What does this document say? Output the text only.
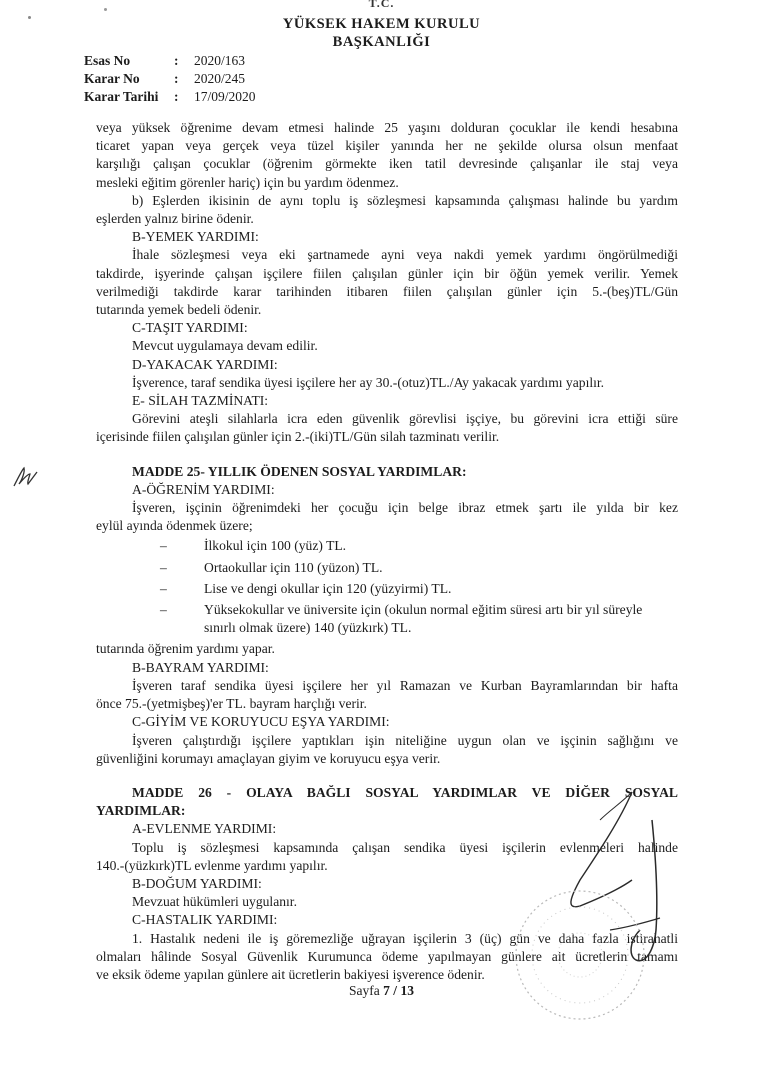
T.C.
YÜKSEK HAKEM KURULU
BAŞKANLIĞI
Esas No	:	2020/163
Karar No	:	2020/245
Karar Tarihi	:	17/09/2020

veya yüksek öğrenime devam etmesi halinde 25 yaşını dolduran çocuklar ile kendi hesabına

ticaret yapan veya gerçek veya tüzel kişiler yanında her ne şekilde olursa olsun menfaat

karşılığı çalışan çocuklar (öğrenim görmekte iken tatil devresinde çalışanlar ile staj veya

mesleki eğitim görenler hariç) için bu yardım ödenmez.

b) Eşlerden ikisinin de aynı toplu iş sözleşmesi kapsamında çalışması halinde bu yardım

eşlerden yalnız birine ödenir.

B-YEMEK YARDIMI:

İhale sözleşmesi veya eki şartnamede ayni veya nakdi yemek yardımı öngörülmediği

takdirde, işyerinde çalışan işçilere fiilen çalışılan günler için bir öğün yemek verilir. Yemek

verilmediği takdirde karar tarihinden itibaren fiilen çalışılan günler için 5.-(beş)TL/Gün

tutarında yemek bedeli ödenir.

C-TAŞIT YARDIMI:

Mevcut uygulamaya devam edilir.

D-YAKACAK YARDIMI:

İşverence, taraf sendika üyesi işçilere her ay 30.-(otuz)TL./Ay yakacak yardımı yapılır.

E- SİLAH TAZMİNATI:

Görevini ateşli silahlarla icra eden güvenlik görevlisi işçiye, bu görevini icra ettiği süre

içerisinde fiilen çalışılan günler için 2.-(iki)TL/Gün silah tazminatı verilir.

MADDE 25- YILLIK ÖDENEN SOSYAL YARDIMLAR:

A-ÖĞRENİM YARDIMI:

İşveren, işçinin öğrenimdeki her çocuğu için belge ibraz etmek şartı ile yılda bir kez

eylül ayında ödenmek üzere;

–	İlkokul için 100 (yüz) TL.
–	Ortaokullar için 110 (yüzon) TL.
–	Lise ve dengi okullar için 120 (yüzyirmi) TL.
–	Yüksekokullar ve üniversite için (okulun normal eğitim süresi artı bir yıl süreyle
sınırlı olmak üzere) 140 (yüzkırk) TL.

tutarında öğrenim yardımı yapar.

B-BAYRAM YARDIMI:

İşveren taraf sendika üyesi işçilere her yıl Ramazan ve Kurban Bayramlarından bir hafta

önce 75.-(yetmişbeş)'er TL. bayram harçlığı verir.

C-GİYİM VE KORUYUCU EŞYA YARDIMI:

İşveren çalıştırdığı işçilere yaptıkları işin niteliğine uygun olan ve işçinin sağlığını ve

güvenliğini korumayı amaçlayan giyim ve koruyucu eşya verir.

MADDE 26 - OLAYA BAĞLI SOSYAL YARDIMLAR VE DİĞER SOSYAL

YARDIMLAR:

A-EVLENME YARDIMI:

Toplu iş sözleşmesi kapsamında çalışan sendika üyesi işçilerin evlenmeleri halinde

140.-(yüzkırk)TL evlenme yardımı yapılır.

B-DOĞUM YARDIMI:

Mevzuat hükümleri uygulanır.

C-HASTALIK YARDIMI:

1. Hastalık nedeni ile iş göremezliğe uğrayan işçilerin 3 (üç) gün ve daha fazla istirahatli

olmaları hâlinde Sosyal Güvenlik Kurumunca ödeme yapılmayan günlere ait ücretlerin tamamı

ve eksik ödeme yapılan günlere ait ücretlerin bakiyesi işverence ödenir.

Sayfa 7 / 13
